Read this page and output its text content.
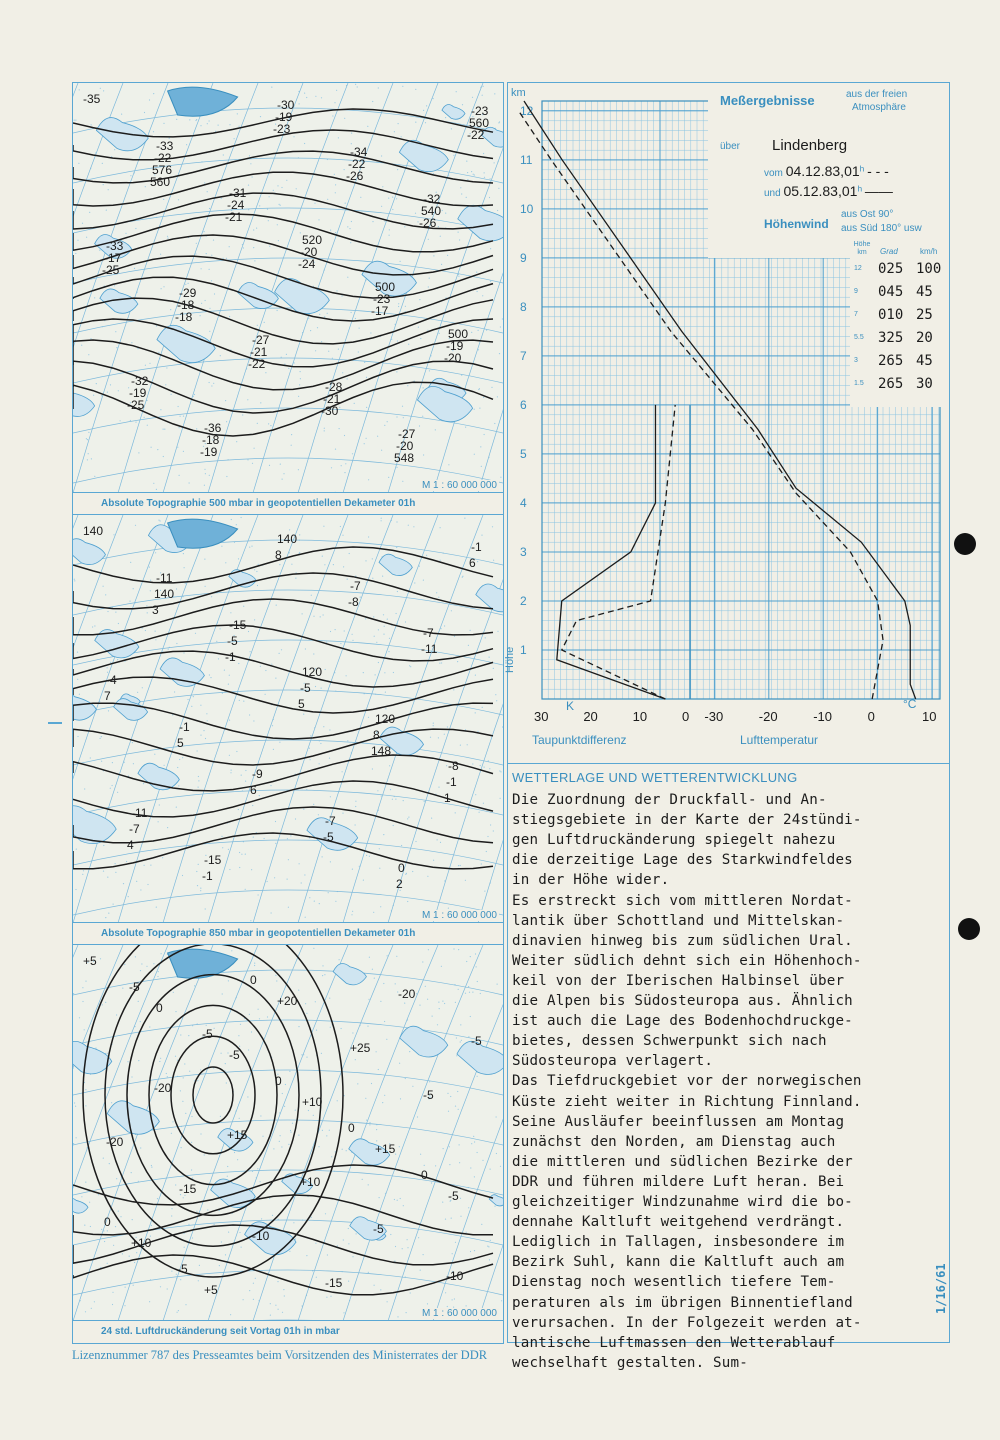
-35
-33
-31
520
500
500
-32
-36
-30
-34
-32
-33
-29
-27
-28
-27
-23
-22
-24
-20
-23
-19
-19
-18
-19
-22
540
-17
-18
-21
-21
-20
560
576
-21
-24
-17
-20
-25
-19
-23
-26
-26
-25
-18
-22
-30
548
-22
560
M 1 : 60 000 000
Absolute Topographie 500 mbar in geopotentiellen Dekameter 01h
140
-11
-15
120
120
-8
-11
-15
140
-7
-7
-4
-1
-9
-7
0
-1
140
-5
-5
8
-1
-7
-1
8
-8
-11
7
5
6
-5
2
6
3
-1
5
148
1
4
M 1 : 60 000 000
Absolute Topographie 850 mbar in geopotentiellen Dekameter 01h
+5
0
-5
+10
+15
-5
+10
+5
+20
+25
-5
-20
-15
-10
-15
-20
-5
-20
+15
+10
-5
-10
-5
-5
0
0
0
0
-5
0
M 1 : 60 000 000
24 std. Luftdruckänderung seit Vortag 01h in mbar
12
11
10
9
8
7
6
5
4
3
2
1
30	20	10	0 -30	-20	-10	0	10
Meßergebnisse	aus der freien
Atmosphäre
über Lindenberg
vom 04.12.83,01$^h$ - - -
und 05.12.83,01$^h$ ——
Höhenwind
aus Ost 90°
aus Süd 180° usw
Höhe km	Grad	km/h
12 025 100
9 045 45
7 010 25
5.5 325 20
3 265 45
1.5 265 30
km
Höhe
K	°C
Taupunktdifferenz	Lufttemperatur
WETTERLAGE UND WETTERENTWICKLUNG
Die Zuordnung der Druckfall- und An-
stiegsgebiete in der Karte der 24stündi-
gen Luftdruckänderung spiegelt nahezu
die derzeitige Lage des Starkwindfeldes
in der Höhe wider.
Es erstreckt sich vom mittleren Nordat-
lantik über Schottland und Mittelskan-
dinavien hinweg bis zum südlichen Ural.
Weiter südlich dehnt sich ein Höhenhoch-
keil von der Iberischen Halbinsel über
die Alpen bis Südosteuropa aus. Ähnlich
ist auch die Lage des Bodenhochdruckge-
bietes, dessen Schwerpunkt sich nach
Südosteuropa verlagert.
Das Tiefdruckgebiet vor der norwegischen
Küste zieht weiter in Richtung Finnland.
Seine Ausläufer beeinflussen am Montag
zunächst den Norden, am Dienstag auch
die mittleren und südlichen Bezirke der
DDR und führen mildere Luft heran. Bei
gleichzeitiger Windzunahme wird die bo-
dennahe Kaltluft weitgehend verdrängt.
Lediglich in Tallagen, insbesondere im
Bezirk Suhl, kann die Kaltluft auch am
Dienstag noch wesentlich tiefere Tem-
peraturen als im übrigen Binnentiefland
verursachen. In der Folgezeit werden at-
lantische Luftmassen den Wetterablauf
wechselhaft gestalten. Sum-
Lizenznummer 787 des Presseamtes beim Vorsitzenden des Ministerrates der DDR
1/16/61
